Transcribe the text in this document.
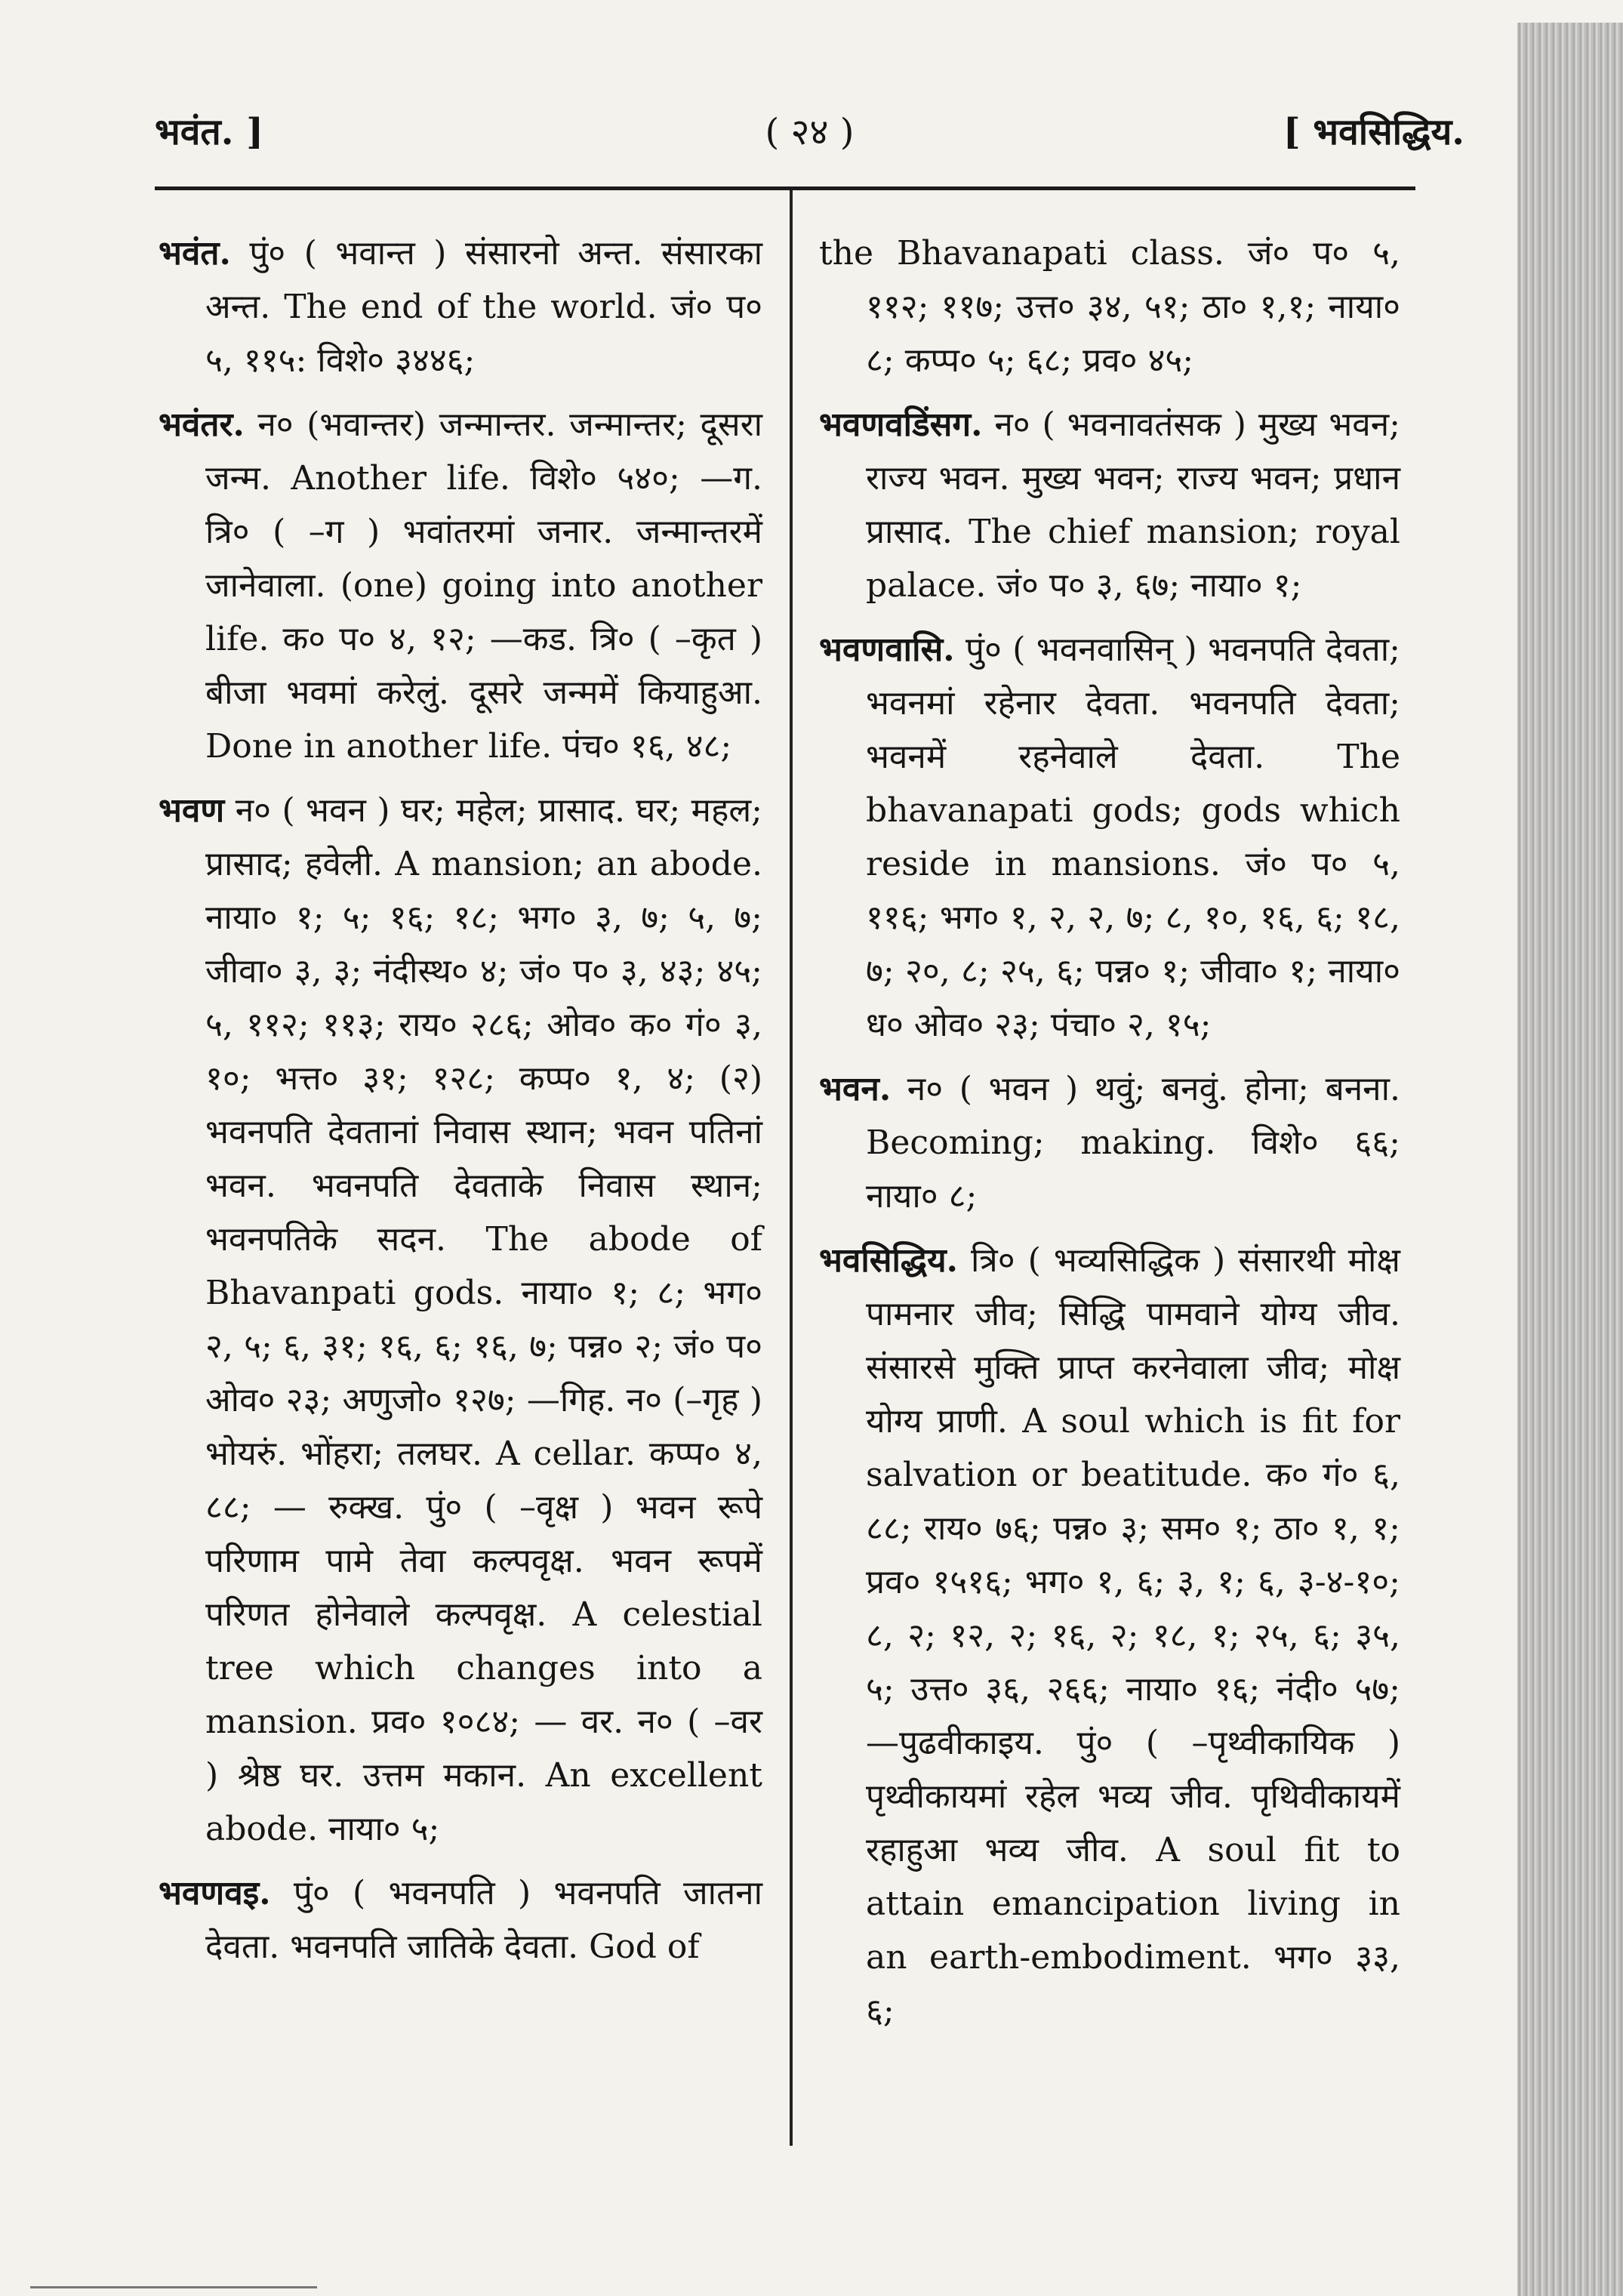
भवंत. ]	( २४ )	[ भवसिद्धिय.

भवंत. पुं० ( भवान्त ) संसारनो अन्त. संसारका अन्त. The end of the world. जं० प० ५, ११५: विशे० ३४४६;

भवंतर. न० (भवान्तर) जन्मान्तर. जन्मान्तर; दूसरा जन्म. Another life. विशे० ५४०; —ग. त्रि० ( –ग ) भवांतरमां जनार. जन्मान्तरमें जानेवाला. (one) going into another life. क० प० ४, १२; —कड. त्रि० ( –कृत ) बीजा भवमां करेलुं. दूसरे जन्ममें कियाहुआ. Done in another life. पंच० १६, ४८;

भवण न० ( भवन ) घर; महेल; प्रासाद. घर; महल; प्रासाद; हवेली. A mansion; an abode. नाया० १; ५; १६; १८; भग० ३, ७; ५, ७; जीवा० ३, ३; नंदीस्थ० ४; जं० प० ३, ४३; ४५; ५, ११२; ११३; राय० २८६; ओव० क० गं० ३, १०; भत्त० ३१; १२८; कप्प० १, ४; (२) भवनपति देवतानां निवास स्थान; भवन पतिनां भवन. भवनपति देवताके निवास स्थान; भवनपतिके सदन. The abode of Bhavanpati gods. नाया० १; ८; भग० २, ५; ६, ३१; १६, ६; १६, ७; पन्न० २; जं० प० ओव० २३; अणुजो० १२७; —गिह. न० (–गृह ) भोयरुं. भोंहरा; तलघर. A cellar. कप्प० ४, ८८; — रुक्ख. पुं० ( –वृक्ष ) भवन रूपे परिणाम पामे तेवा कल्पवृक्ष. भवन रूपमें परिणत होनेवाले कल्पवृक्ष. A celestial tree which changes into a mansion. प्रव० १०८४; — वर. न० ( –वर ) श्रेष्ठ घर. उत्तम मकान. An excellent abode. नाया० ५;

भवणवइ. पुं० ( भवनपति ) भवनपति जातना देवता. भवनपति जातिके देवता. God of

the Bhavanapati class. जं० प० ५, ११२; ११७; उत्त० ३४, ५१; ठा० १,१; नाया० ८; कप्प० ५; ६८; प्रव० ४५;

भवणवडिंसग. न० ( भवनावतंसक ) मुख्य भवन; राज्य भवन. मुख्य भवन; राज्य भवन; प्रधान प्रासाद. The chief mansion; royal palace. जं० प० ३, ६७; नाया० १;

भवणवासि. पुं० ( भवनवासिन् ) भवनपति देवता; भवनमां रहेनार देवता. भवनपति देवता; भवनमें रहनेवाले देवता. The bhavanapati gods; gods which reside in mansions. जं० प० ५, ११६; भग० १, २, २, ७; ८, १०, १६, ६; १८, ७; २०, ८; २५, ६; पन्न० १; जीवा० १; नाया० ध० ओव० २३; पंचा० २, १५;

भवन. न० ( भवन ) थवुं; बनवुं. होना; बनना. Becoming; making. विशे० ६६; नाया० ८;

भवसिद्धिय. त्रि० ( भव्यसिद्धिक ) संसारथी मोक्ष पामनार जीव; सिद्धि पामवाने योग्य जीव. संसारसे मुक्ति प्राप्त करनेवाला जीव; मोक्ष योग्य प्राणी. A soul which is fit for salvation or beatitude. क० गं० ६, ८८; राय० ७६; पन्न० ३; सम० १; ठा० १, १; प्रव० १५१६; भग० १, ६; ३, १; ६, ३-४-१०; ८, २; १२, २; १६, २; १८, १; २५, ६; ३५, ५; उत्त० ३६, २६६; नाया० १६; नंदी० ५७; —पुढवीकाइय. पुं० ( –पृथ्वीकायिक ) पृथ्वीकायमां रहेल भव्य जीव. पृथिवीकायमें रहाहुआ भव्य जीव. A soul fit to attain emancipation living in an earth-embodiment. भग० ३३, ६;
